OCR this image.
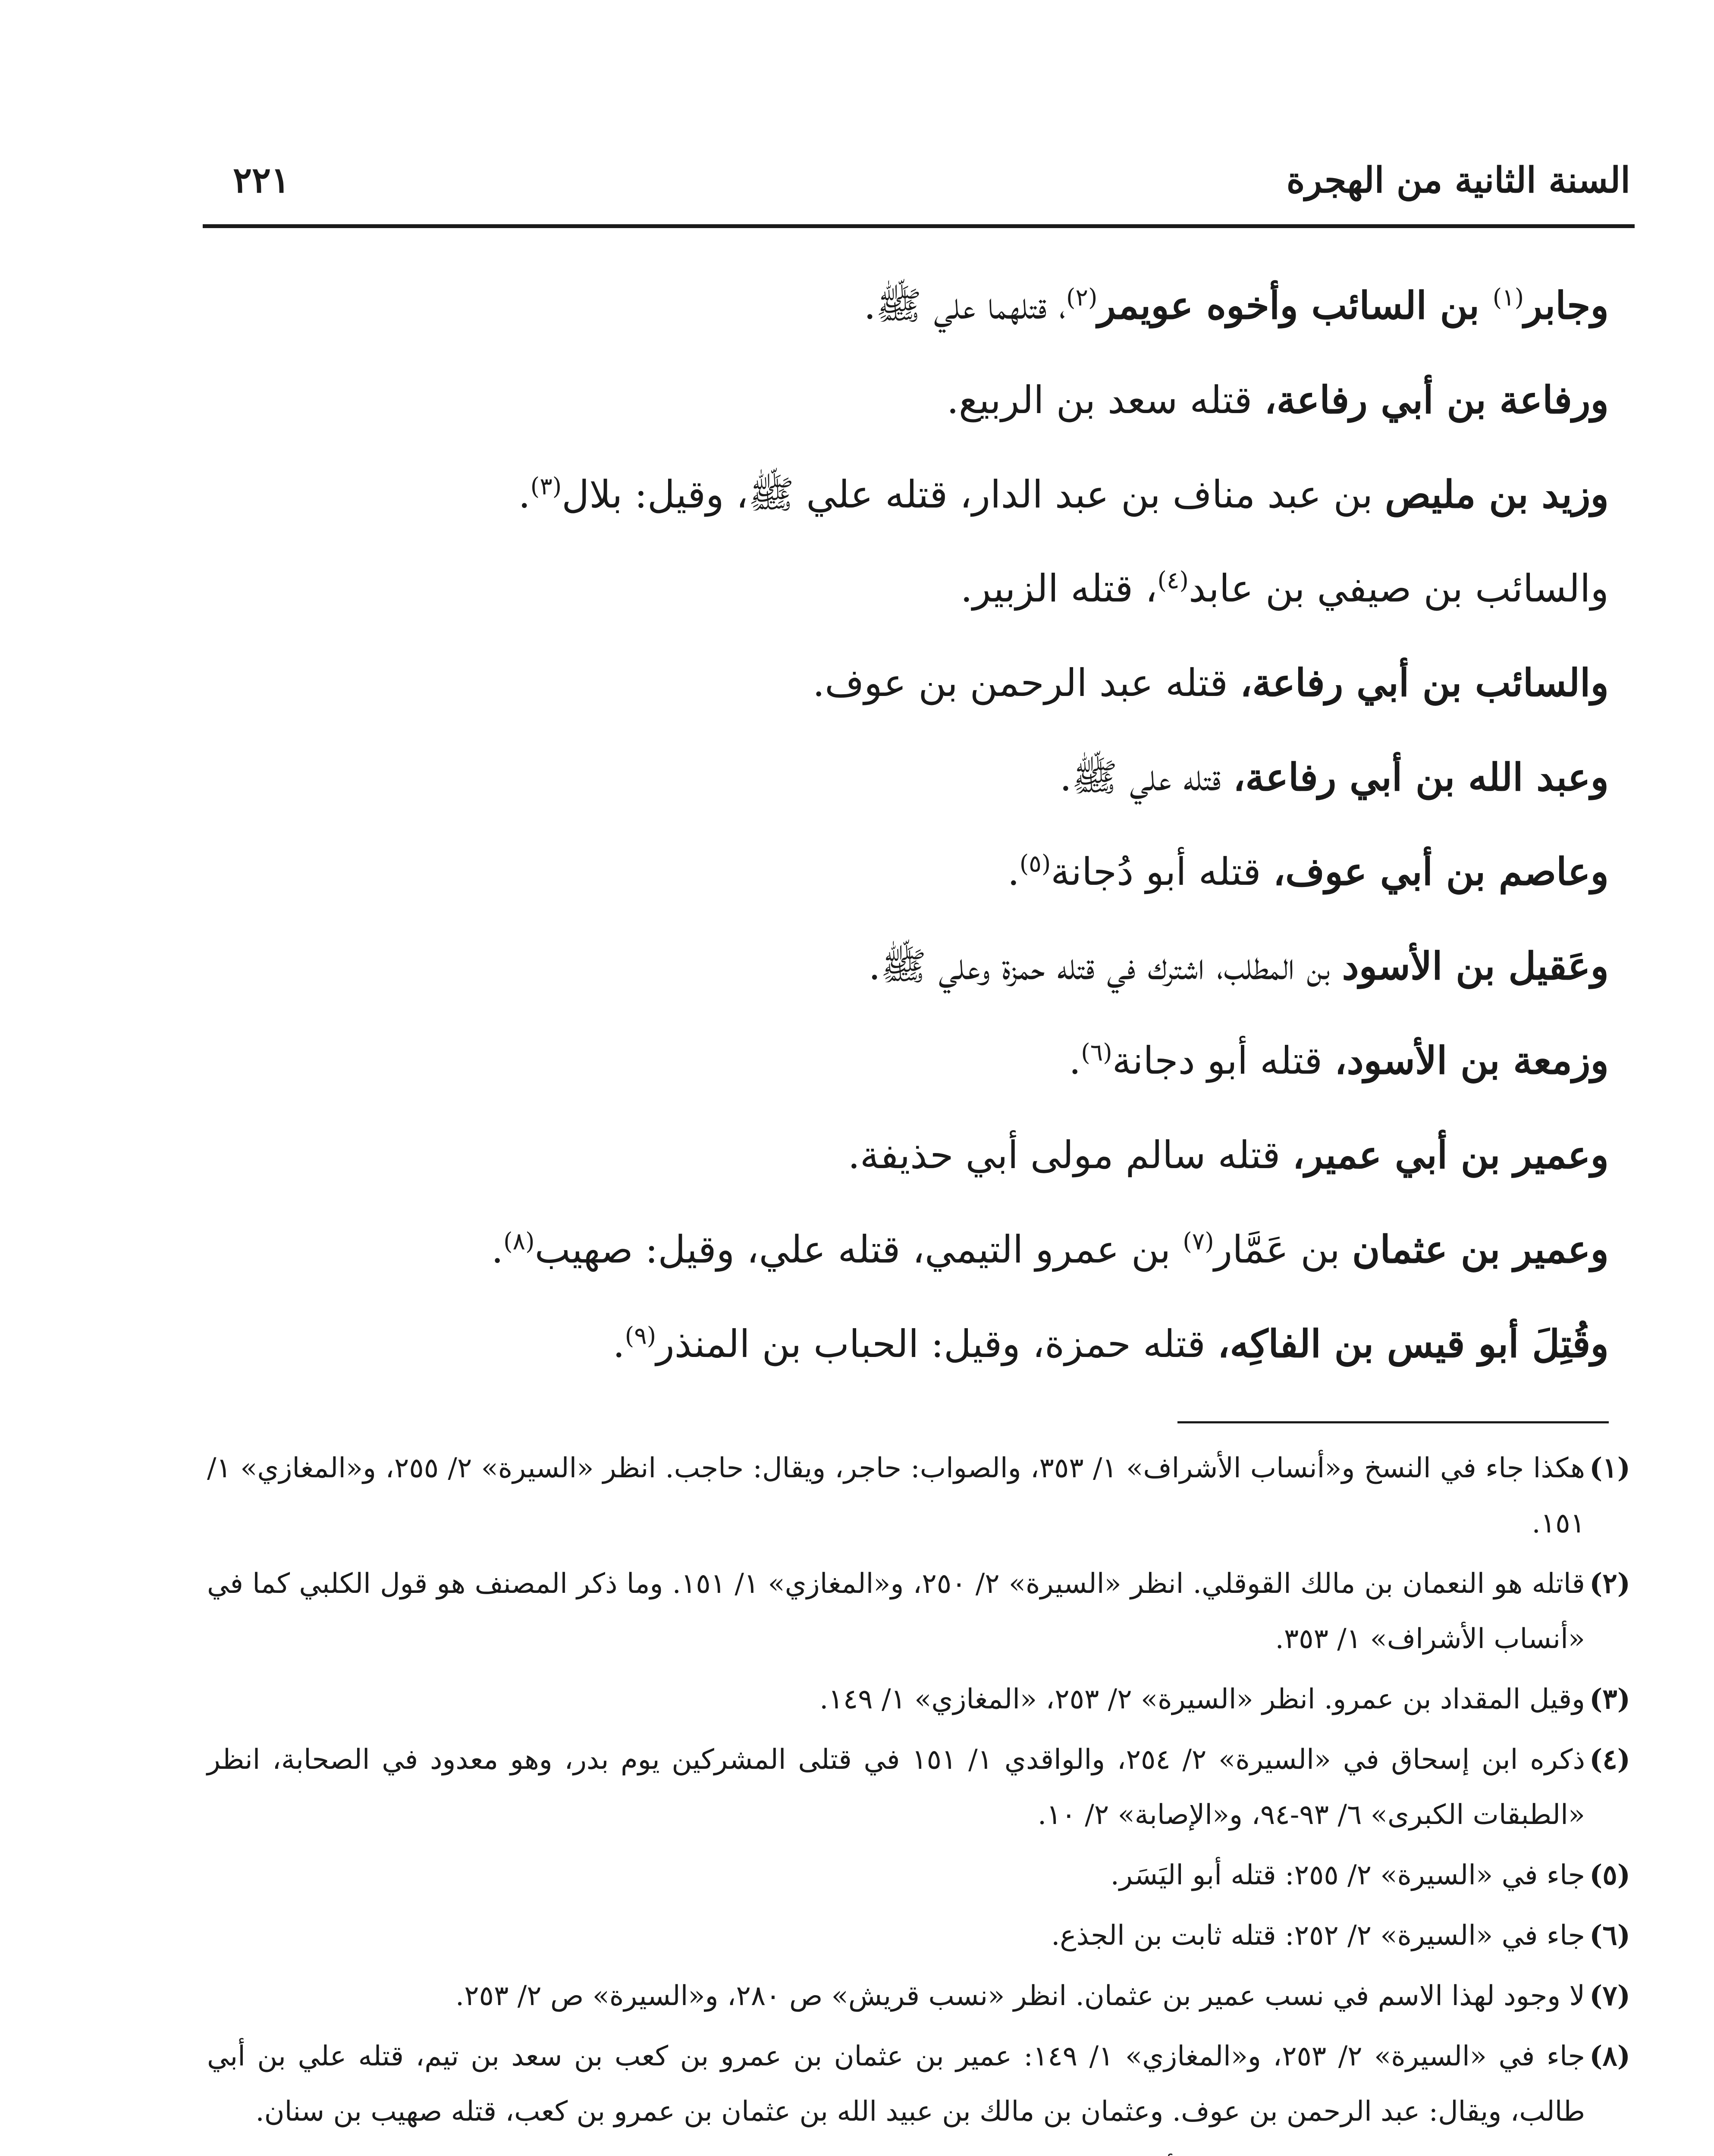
السنة الثانية من الهجرة
٢٢١
وجابر$^{(١)}$ بن السائب وأخوه عويمر$^{(٢)}$، قتلهما علي ﷺ.
ورفاعة بن أبي رفاعة، قتله سعد بن الربيع.
وزيد بن مليص بن عبد مناف بن عبد الدار، قتله علي ﷺ، وقيل: بلال$^{(٣)}$.
والسائب بن صيفي بن عابد$^{(٤)}$، قتله الزبير.
والسائب بن أبي رفاعة، قتله عبد الرحمن بن عوف.
وعبد الله بن أبي رفاعة، قتله علي ﷺ.
وعاصم بن أبي عوف، قتله أبو دُجانة$^{(٥)}$.
وعَقيل بن الأسود بن المطلب، اشترك في قتله حمزة وعلي ﷺ.
وزمعة بن الأسود، قتله أبو دجانة$^{(٦)}$.
وعمير بن أبي عمير، قتله سالم مولى أبي حذيفة.
وعمير بن عثمان بن عَمَّار$^{(٧)}$ بن عمرو التيمي، قتله علي، وقيل: صهيب$^{(٨)}$.
وقُتِلَ أبو قيس بن الفاكِه، قتله حمزة، وقيل: الحباب بن المنذر$^{(٩)}$.
(١)
هكذا جاء في النسخ و«أنساب الأشراف» ١/ ٣٥٣، والصواب: حاجر، ويقال: حاجب. انظر «السيرة» ٢/ ٢٥٥، و«المغازي» ١/ ١٥١.
(٢)
قاتله هو النعمان بن مالك القوقلي. انظر «السيرة» ٢/ ٢٥٠، و«المغازي» ١/ ١٥١. وما ذكر المصنف هو قول الكلبي كما في «أنساب الأشراف» ١/ ٣٥٣.
(٣)
وقيل المقداد بن عمرو. انظر «السيرة» ٢/ ٢٥٣، «المغازي» ١/ ١٤٩.
(٤)
ذكره ابن إسحاق في «السيرة» ٢/ ٢٥٤، والواقدي ١/ ١٥١ في قتلى المشركين يوم بدر، وهو معدود في الصحابة، انظر «الطبقات الكبرى» ٦/ ٩٣-٩٤، و«الإصابة» ٢/ ١٠.
(٥)
جاء في «السيرة» ٢/ ٢٥٥: قتله أبو اليَسَر.
(٦)
جاء في «السيرة» ٢/ ٢٥٢: قتله ثابت بن الجذع.
(٧)
لا وجود لهذا الاسم في نسب عمير بن عثمان. انظر «نسب قريش» ص ٢٨٠، و«السيرة» ص ٢/ ٢٥٣.
(٨)
جاء في «السيرة» ٢/ ٢٥٣، و«المغازي» ١/ ١٤٩: عمير بن عثمان بن عمرو بن كعب بن سعد بن تيم، قتله علي بن أبي طالب، ويقال: عبد الرحمن بن عوف. وعثمان بن مالك بن عبيد الله بن عثمان بن عمرو بن كعب، قتله صهيب بن سنان.
